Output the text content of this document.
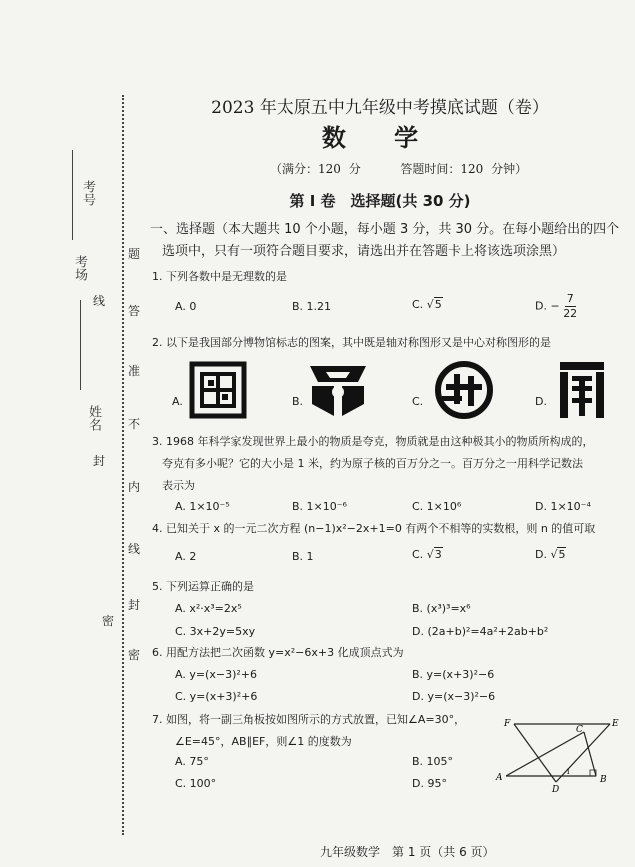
考场
考号
姓名
线
封
密
题
答
准
不
内
线
封
密
2023 年太原五中九年级中考摸底试题（卷）
数 学
（满分：120 分	答题时间：120 分钟）
第 Ⅰ 卷　选择题(共 30 分)
一、选择题（本大题共 10 个小题，每小题 3 分，共 30 分。在每小题给出的四个
选项中，只有一项符合题目要求，请选出并在答题卡上将该选项涂黑）
1. 下列各数中是无理数的是
A. 0	B. 1.21	C. √5	D. − $\frac{7}{22}$
2. 以下是我国部分博物馆标志的图案，其中既是轴对称图形又是中心对称图形的是
A.	B.	C.	D.
3. 1968 年科学家发现世界上最小的物质是夸克，物质就是由这种极其小的物质所构成的，
夸克有多小呢？它的大小是 1 米，约为原子核的百万分之一。百万分之一用科学记数法
表示为
A. 1×10⁻⁵	B. 1×10⁻⁶	C. 1×10⁶	D. 1×10⁻⁴
4. 已知关于 x 的一元二次方程 (n−1)x²−2x+1=0 有两个不相等的实数根，则 n 的值可取
A. 2	B. 1	C. √3	D. √5
5. 下列运算正确的是
A. x²·x³=2x⁵	B. (x³)³=x⁶
C. 3x+2y=5xy	D. (2a+b)²=4a²+2ab+b²
6. 用配方法把二次函数 y=x²−6x+3 化成顶点式为
A. y=(x−3)²+6	B. y=(x+3)²−6
C. y=(x+3)²+6	D. y=(x−3)²−6
7. 如图，将一副三角板按如图所示的方式放置，已知∠A=30°，
∠E=45°，AB∥EF，则∠1 的度数为
A. 75°	B. 105°
C. 100°	D. 95°
F	E
C
A
D
B
1
九年级数学　第 1 页（共 6 页）
